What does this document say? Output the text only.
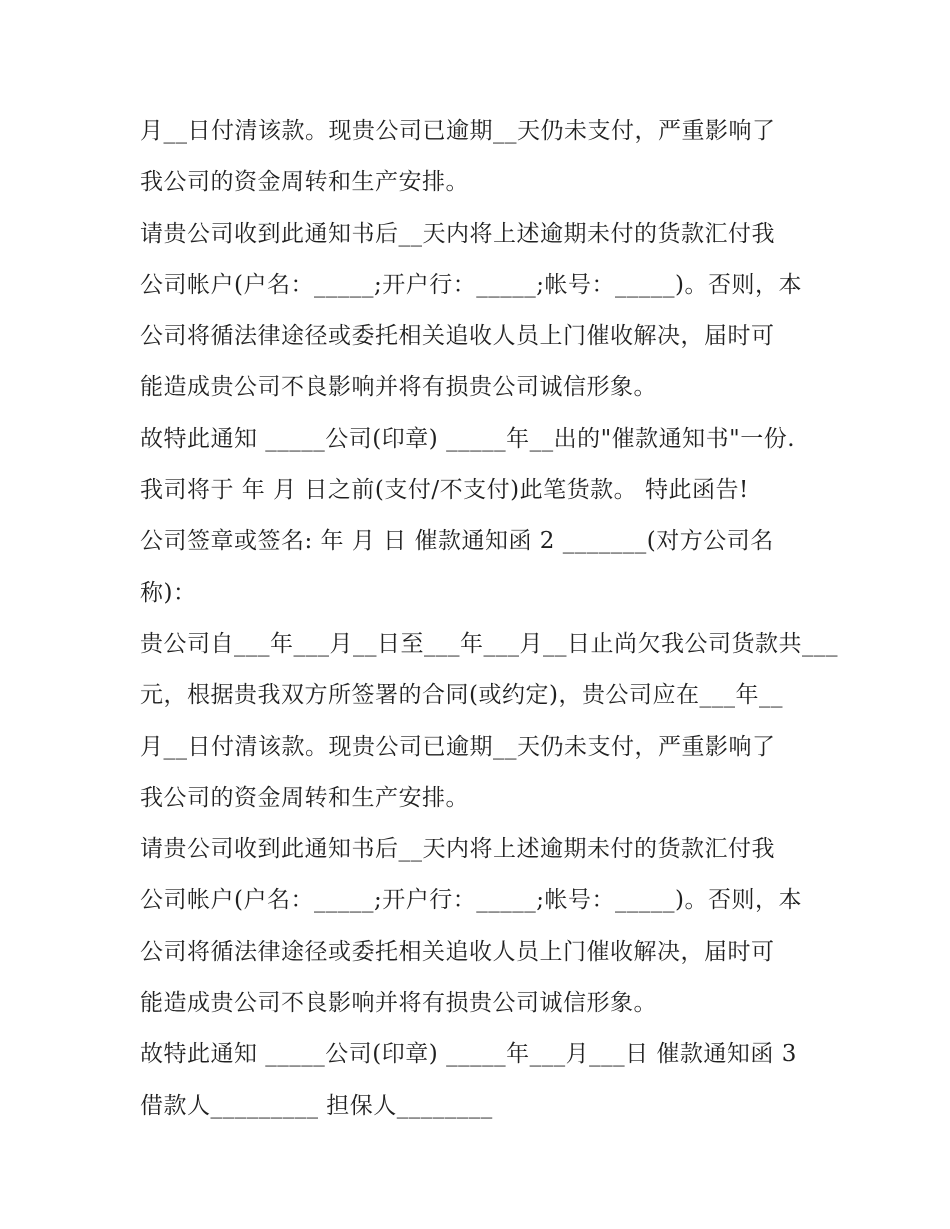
月__日付清该款。现贵公司已逾期__天仍未支付，严重影响了
我公司的资金周转和生产安排。
请贵公司收到此通知书后__天内将上述逾期未付的货款汇付我
公司帐户(户名：_____;开户行：_____;帐号：_____)。否则，本
公司将循法律途径或委托相关追收人员上门催收解决，届时可
能造成贵公司不良影响并将有损贵公司诚信形象。
故特此通知 _____公司(印章) _____年__出的"催款通知书"一份.
我司将于 年 月 日之前(支付/不支付)此笔货款。 特此函告!
公司签章或签名: 年 月 日 催款通知函 2 _______(对方公司名
称)：
贵公司自___年___月__日至___年___月__日止尚欠我公司货款共___
元，根据贵我双方所签署的合同(或约定)，贵公司应在___年__
月__日付清该款。现贵公司已逾期__天仍未支付，严重影响了
我公司的资金周转和生产安排。
请贵公司收到此通知书后__天内将上述逾期未付的货款汇付我
公司帐户(户名：_____;开户行：_____;帐号：_____)。否则，本
公司将循法律途径或委托相关追收人员上门催收解决，届时可
能造成贵公司不良影响并将有损贵公司诚信形象。
故特此通知 _____公司(印章) _____年___月___日 催款通知函 3
借款人_________ 担保人________
